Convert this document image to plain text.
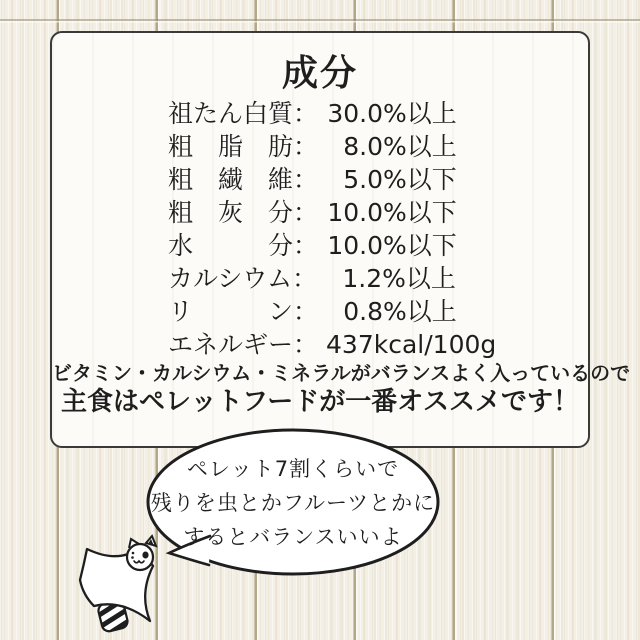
成分
祖たん白質： 30.0%以上
粗　脂　肪： 8.0%以上
粗　繊　維： 5.0%以下
粗　灰　分： 10.0%以下
水　　　分： 10.0%以下
カルシウム： 1.2%以上
リ　　　ン： 0.8%以上
エネルギー： 437kcal/100g
ビタミン・カルシウム・ミネラルがバランスよく入っているので
主食はペレットフードが一番オススメです！
ペレット7割くらいで
残りを虫とかフルーツとかに
するとバランスいいよ
